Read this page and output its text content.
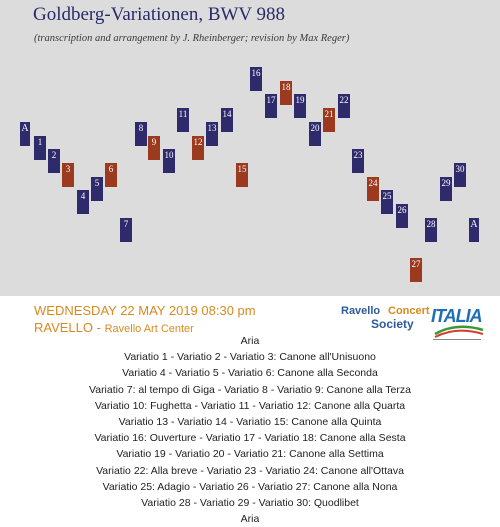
Goldberg-Variationen, BWV 988
(transcription and arrangement by J. Rheinberger; revision by Max Reger)
A
1
2
3
4
5
6
7
8
9
10
11
12
13
14
15
16
17
18
19
20
21
22
23
24
25
26
27
28
29
30
A
WEDNESDAY 22 MAY 2019 08:30 pm
RAVELLO - Ravello Art Center
Ravello Concert
Society ITALIA
Aria
Variatio 1 - Variatio 2 - Variatio 3: Canone all'Unisuono
Variatio 4 - Variatio 5 - Variatio 6: Canone alla Seconda
Variatio 7: al tempo di Giga - Variatio 8 - Variatio 9: Canone alla Terza
Variatio 10: Fughetta - Variatio 11 - Variatio 12: Canone alla Quarta
Variatio 13 - Variatio 14 - Variatio 15: Canone alla Quinta
Variatio 16: Ouverture - Variatio 17 - Variatio 18: Canone alla Sesta
Variatio 19 - Variatio 20 - Variatio 21: Canone alla Settima
Variatio 22: Alla breve - Variatio 23 - Variatio 24: Canone all'Ottava
Variatio 25: Adagio - Variatio 26 - Variatio 27: Canone alla Nona
Variatio 28 - Variatio 29 - Variatio 30: Quodlibet
Aria
